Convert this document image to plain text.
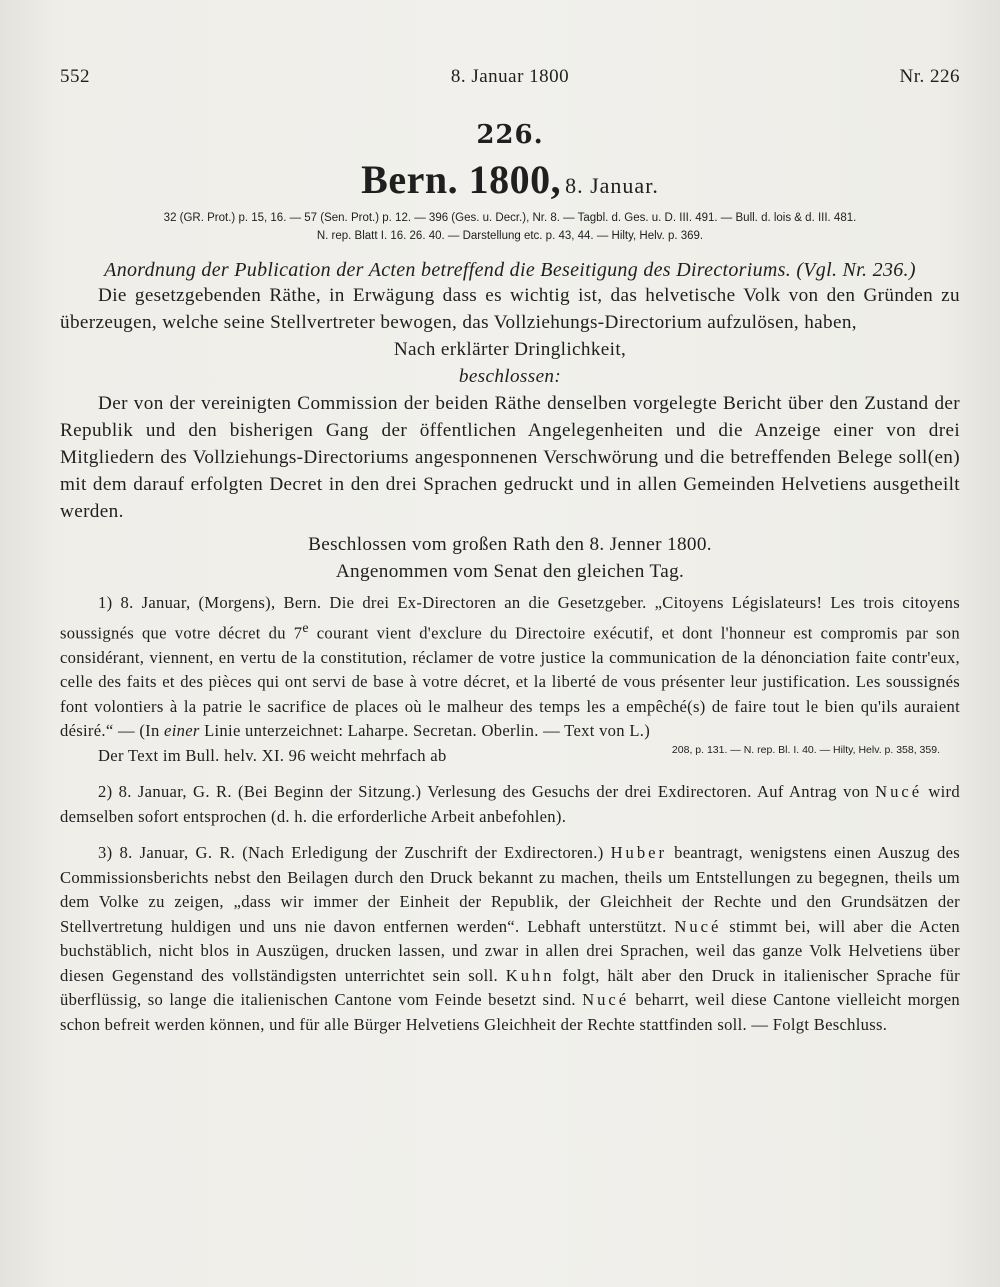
552	8. Januar 1800	Nr. 226
226.
Bern. 1800, 8. Januar.
32 (GR. Prot.) p. 15, 16. — 57 (Sen. Prot.) p. 12. — 396 (Ges. u. Decr.), Nr. 8. — Tagbl. d. Ges. u. D. III. 491. — Bull. d. lois & d. III. 481.
N. rep. Blatt I. 16. 26. 40. — Darstellung etc. p. 43, 44. — Hilty, Helv. p. 369.
Anordnung der Publication der Acten betreffend die Beseitigung des Directoriums. (Vgl. Nr. 236.)

Die gesetzgebenden Räthe, in Erwägung dass es wichtig ist, das helvetische Volk von den Gründen zu überzeugen, welche seine Stellvertreter bewogen, das Vollziehungs-Directorium aufzulösen, haben,

Nach erklärter Dringlichkeit,
beschlossen:

Der von der vereinigten Commission der beiden Räthe denselben vorgelegte Bericht über den Zustand der Republik und den bisherigen Gang der öffentlichen Angelegenheiten und die Anzeige einer von drei Mitgliedern des Vollziehungs-Directoriums angesponnenen Verschwörung und die betreffenden Belege soll(en) mit dem darauf erfolgten Decret in den drei Sprachen gedruckt und in allen Gemeinden Helvetiens ausgetheilt werden.

Beschlossen vom großen Rath den 8. Jenner 1800.
Angenommen vom Senat den gleichen Tag.

1) 8. Januar, (Morgens), Bern. Die drei Ex-Directoren an die Gesetzgeber. „Citoyens Législateurs! Les trois citoyens soussignés que votre décret du 7e courant vient d'exclure du Directoire exécutif, et dont l'honneur est compromis par son considérant, viennent, en vertu de la constitution, réclamer de votre justice la communication de la dénonciation faite contr'eux, celle des faits et des pièces qui ont servi de base à votre décret, et la liberté de vous présenter leur justification. Les soussignés font volontiers à la patrie le sacrifice de places où le malheur des temps les a empêché(s) de faire tout le bien qu'ils auraient désiré.“ — (In einer Linie unterzeichnet: Laharpe. Secretan. Oberlin. — Text von L.)

Der Text im Bull. helv. XI. 96 weicht mehrfach ab	208, p. 131. — N. rep. Bl. I. 40. — Hilty, Helv. p. 358, 359.

2) 8. Januar, G. R. (Bei Beginn der Sitzung.) Verlesung des Gesuchs der drei Exdirectoren. Auf Antrag von Nucé wird demselben sofort entsprochen (d. h. die erforderliche Arbeit anbefohlen).

3) 8. Januar, G. R. (Nach Erledigung der Zuschrift der Exdirectoren.) Huber beantragt, wenigstens einen Auszug des Commissionsberichts nebst den Beilagen durch den Druck bekannt zu machen, theils um Entstellungen zu begegnen, theils um dem Volke zu zeigen, „dass wir immer der Einheit der Republik, der Gleichheit der Rechte und den Grundsätzen der Stellvertretung huldigen und uns nie davon entfernen werden“. Lebhaft unterstützt. Nucé stimmt bei, will aber die Acten buchstäblich, nicht blos in Auszügen, drucken lassen, und zwar in allen drei Sprachen, weil das ganze Volk Helvetiens über diesen Gegenstand des vollständigsten unterrichtet sein soll. Kuhn folgt, hält aber den Druck in italienischer Sprache für überflüssig, so lange die italienischen Cantone vom Feinde besetzt sind. Nucé beharrt, weil diese Cantone vielleicht morgen schon befreit werden können, und für alle Bürger Helvetiens Gleichheit der Rechte stattfinden soll. — Folgt Beschluss.
